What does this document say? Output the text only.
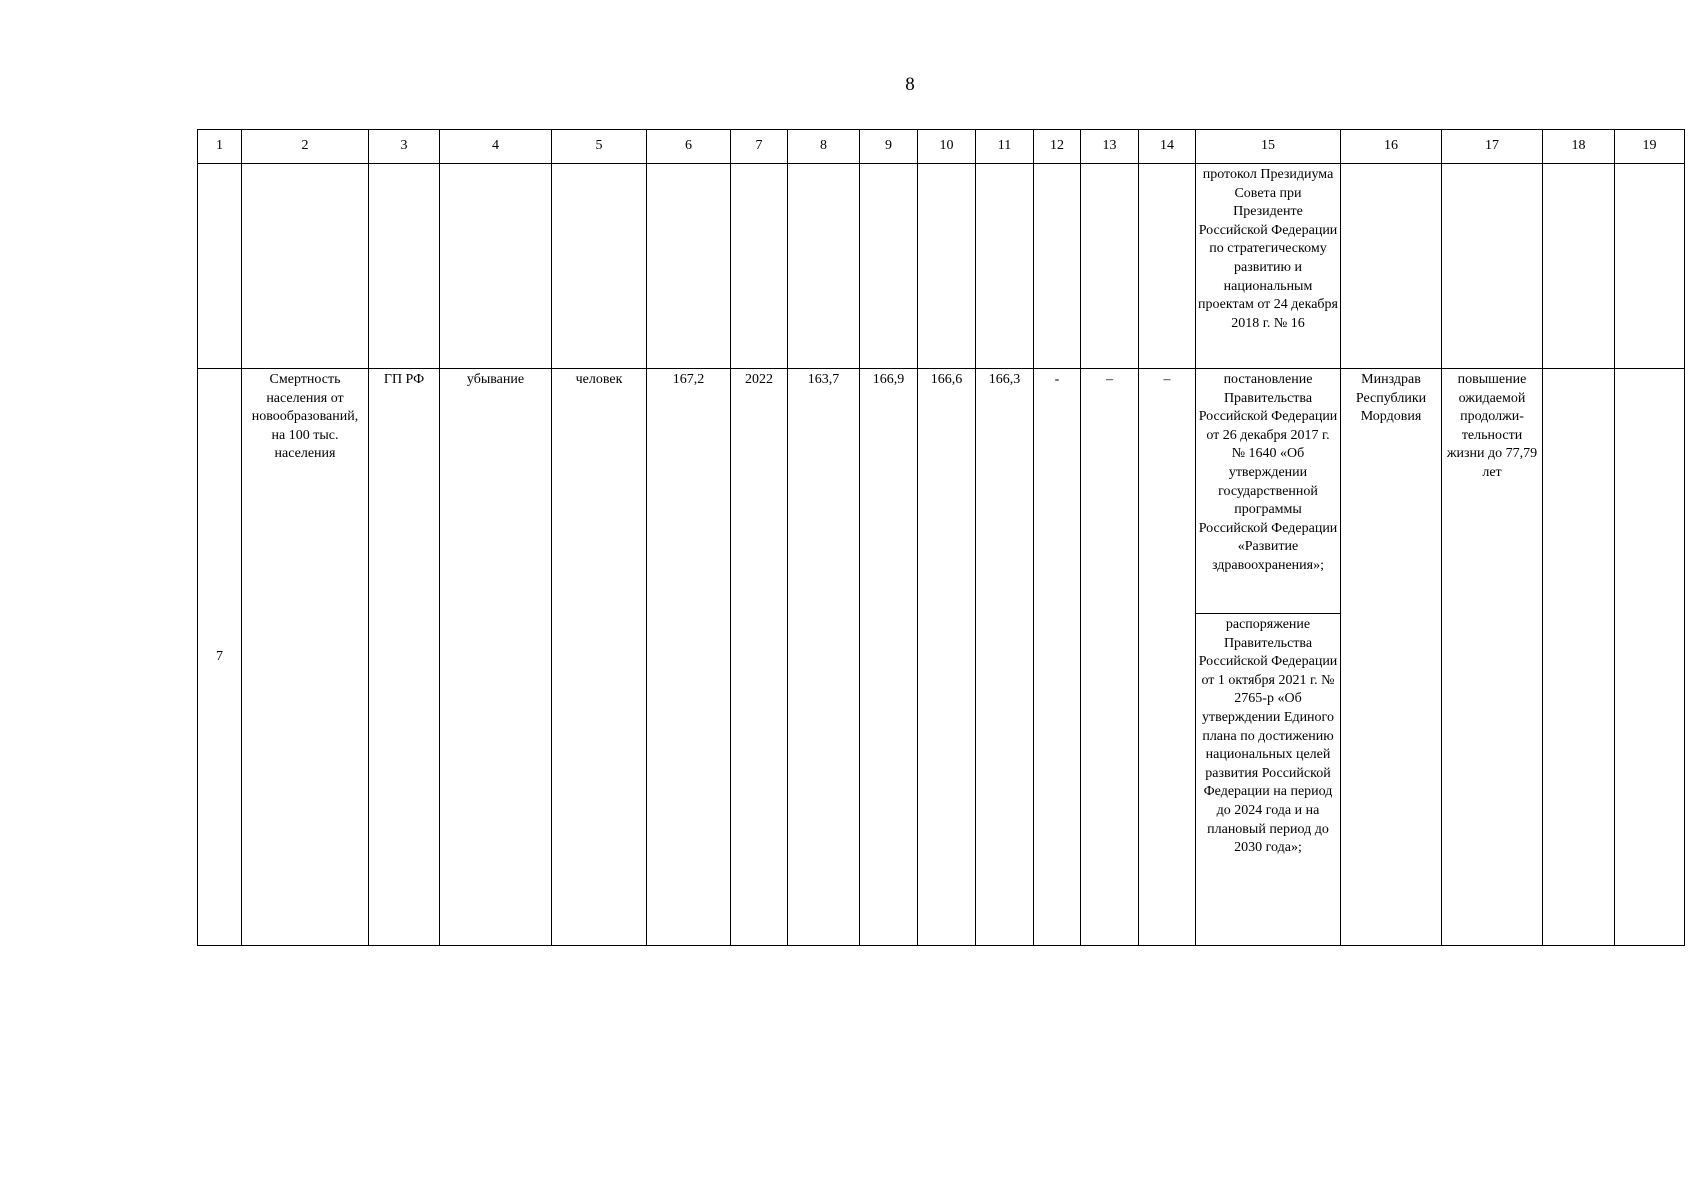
8
1	2	3	4	5	6	7	8	9	10	11	12	13	14	15	16	17	18	19

														протокол Президиума Совета при Президенте Российской Федерации по стратегическому развитию и национальным проектам от 24 декабря 2018 г. № 16				

7	Смертность населения от новообразований, на 100 тыс. населения	ГП РФ	убывание	человек	167,2	2022	163,7	166,9	166,6	166,3	-	–	–	постановление Правительства Российской Федерации от 26 декабря 2017 г. № 1640 «Об утверждении государственной программы Российской Федерации «Развитие здравоохранения»;	Минздрав Республики Мордовия	повышение ожидаемой продолжи-тельности жизни до 77,79 лет		

														распоряжение Правительства Российской Федерации от 1 октября 2021 г. № 2765-р «Об утверждении Единого плана по достижению национальных целей развития Российской Федерации на период до 2024 года и на плановый период до 2030 года»;				
